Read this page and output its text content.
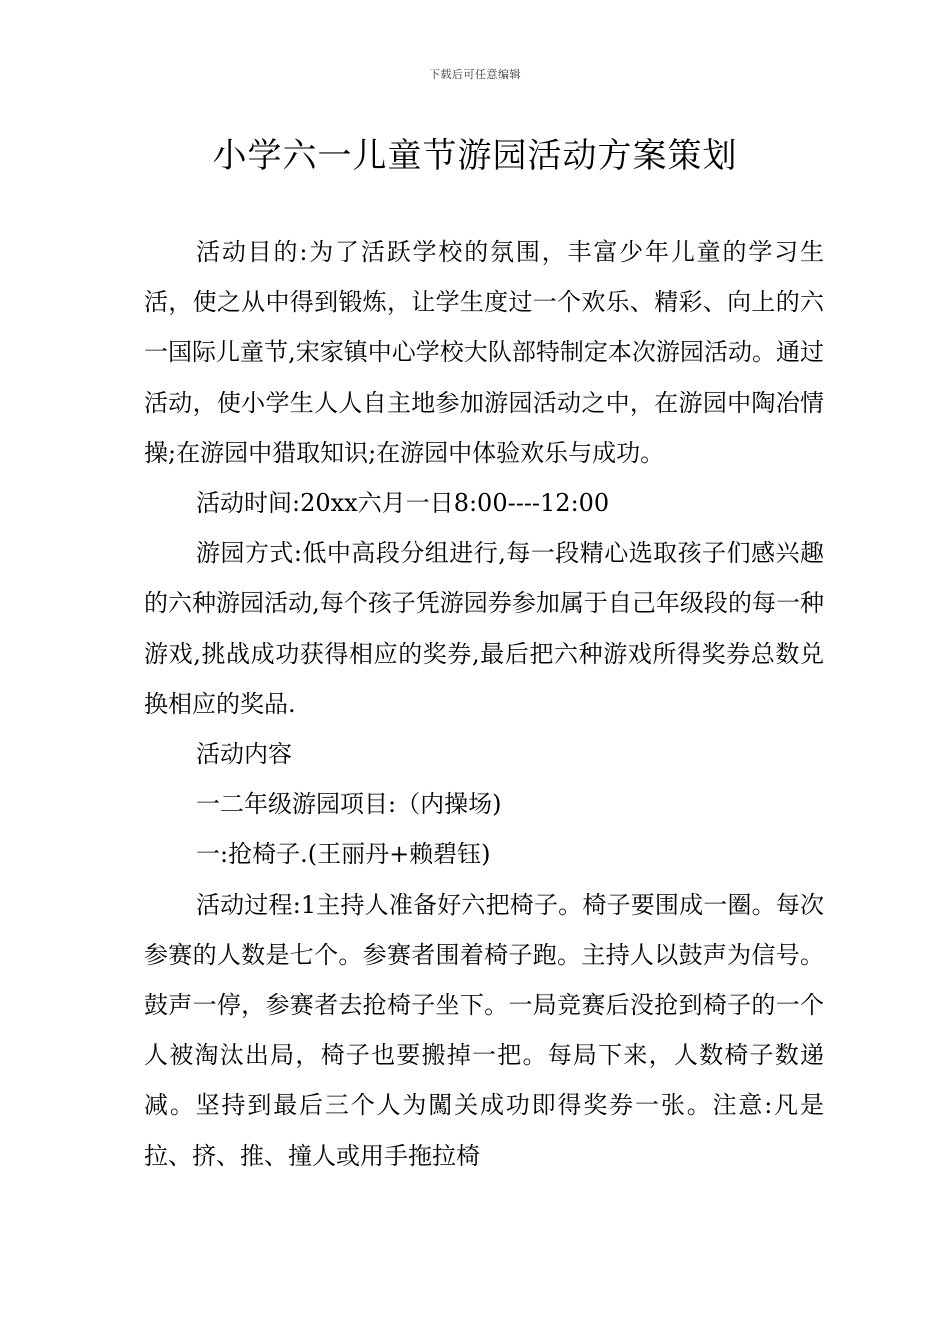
下载后可任意编辑
小学六一儿童节游园活动方案策划

活动目的:为了活跃学校的氛围，丰富少年儿童的学习生活，使之从中得到锻炼，让学生度过一个欢乐、精彩、向上的六一国际儿童节,宋家镇中心学校大队部特制定本次游园活动。通过活动，使小学生人人自主地参加游园活动之中，在游园中陶冶情操;在游园中猎取知识;在游园中体验欢乐与成功。

活动时间:20xx六月一日8:00----12:00

游园方式:低中高段分组进行,每一段精心选取孩子们感兴趣的六种游园活动,每个孩子凭游园券参加属于自己年级段的每一种游戏,挑战成功获得相应的奖券,最后把六种游戏所得奖券总数兑换相应的奖品.

活动内容

一二年级游园项目:（内操场)

一:抢椅子.(王丽丹+赖碧钰)

活动过程:1主持人准备好六把椅子。椅子要围成一圈。每次参赛的人数是七个。参赛者围着椅子跑。主持人以鼓声为信号。鼓声一停，参赛者去抢椅子坐下。一局竞赛后没抢到椅子的一个人被淘汰出局，椅子也要搬掉一把。每局下来，人数椅子数递减。坚持到最后三个人为闖关成功即得奖券一张。注意:凡是拉、挤、推、撞人或用手拖拉椅
